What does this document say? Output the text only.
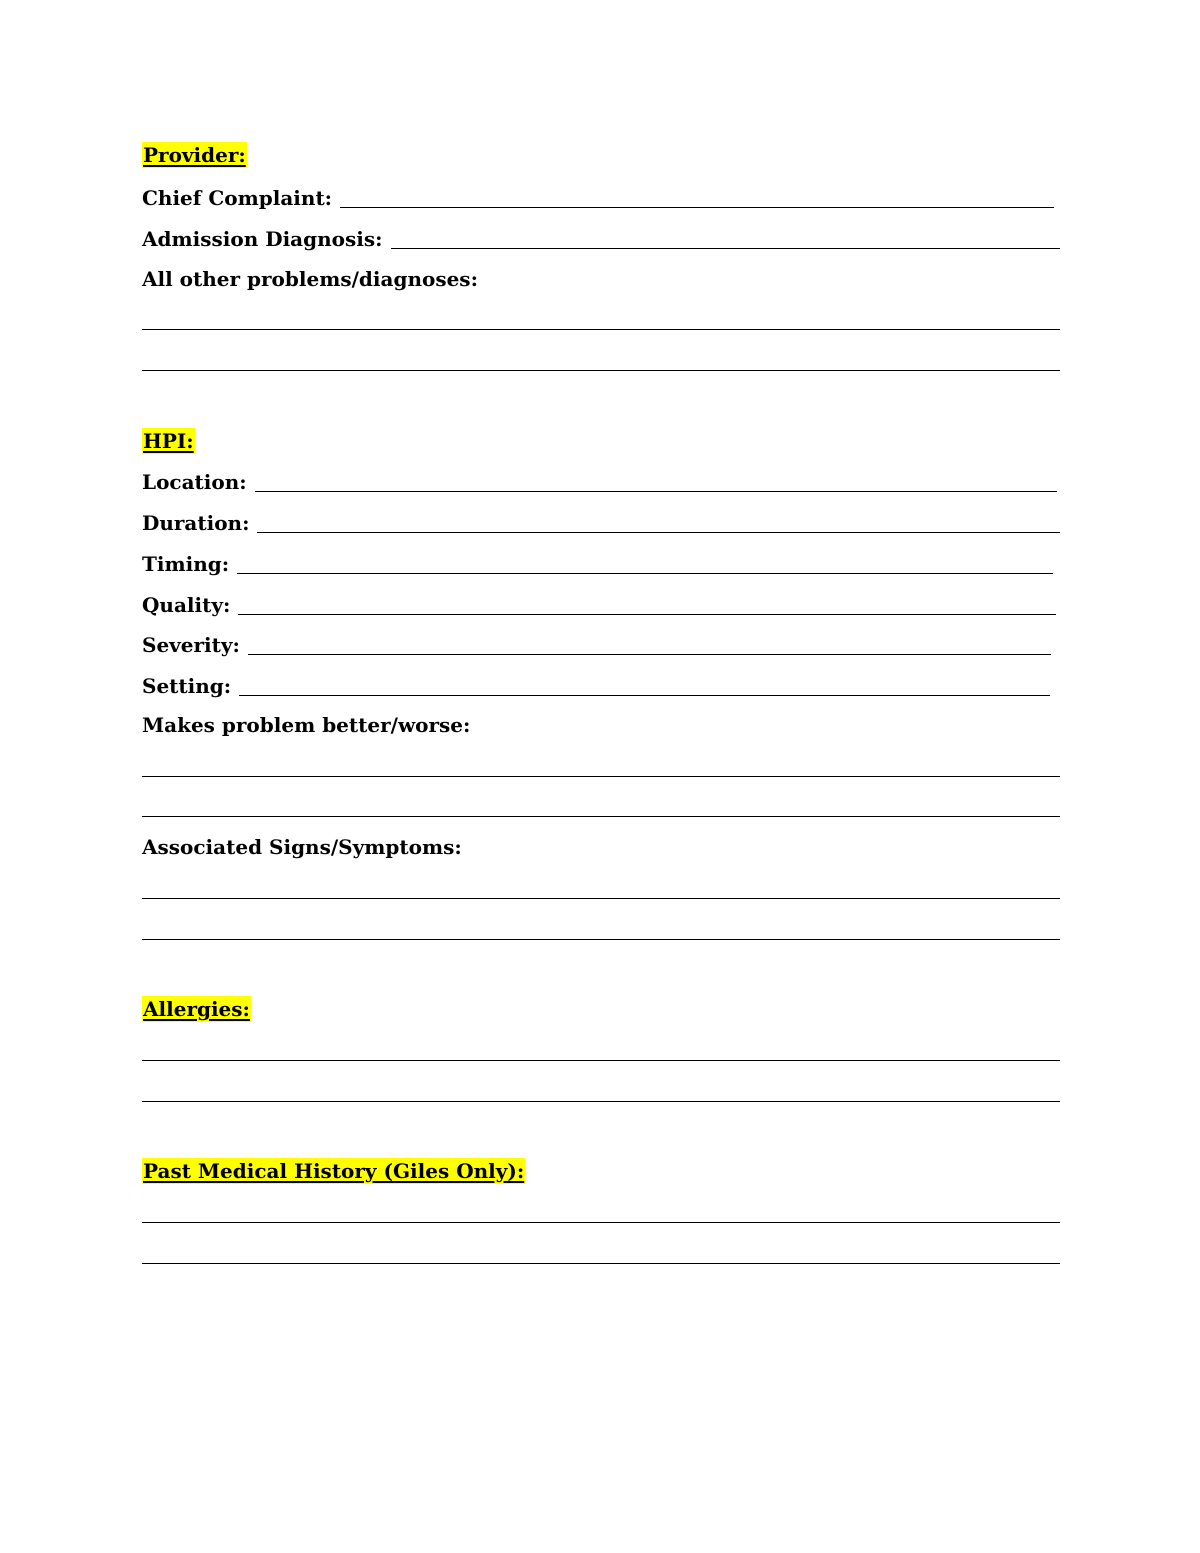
Provider:
Chief Complaint:
Admission Diagnosis:
All other problems/diagnoses:
HPI:
Location:
Duration:
Timing:
Quality:
Severity:
Setting:
Makes problem better/worse:
Associated Signs/Symptoms:
Allergies:
Past Medical History (Giles Only):
